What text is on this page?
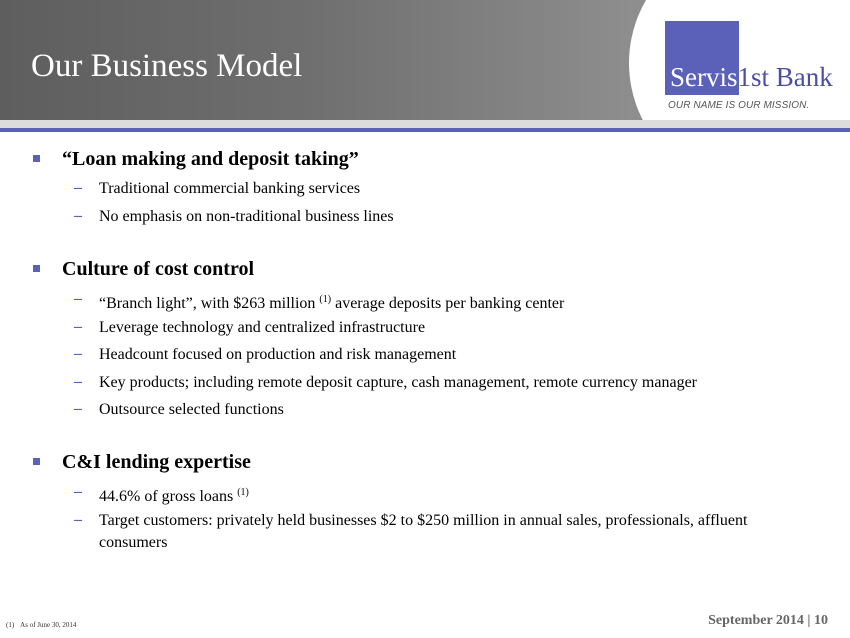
Our Business Model	Servis1st Bank
OUR NAME IS OUR MISSION.
“Loan making and deposit taking”
– Traditional commercial banking services
– No emphasis on non-traditional business lines
Culture of cost control
– “Branch light”, with $263 million $^{(1)}$ average deposits per banking center
– Leverage technology and centralized infrastructure
– Headcount focused on production and risk management
– Key products; including remote deposit capture, cash management, remote currency manager
– Outsource selected functions
C&I lending expertise
– 44.6% of gross loans $^{(1)}$
– Target customers: privately held businesses $2 to $250 million in annual sales, professionals, affluent consumers
(1) As of June 30, 2014	September 2014 | 10
